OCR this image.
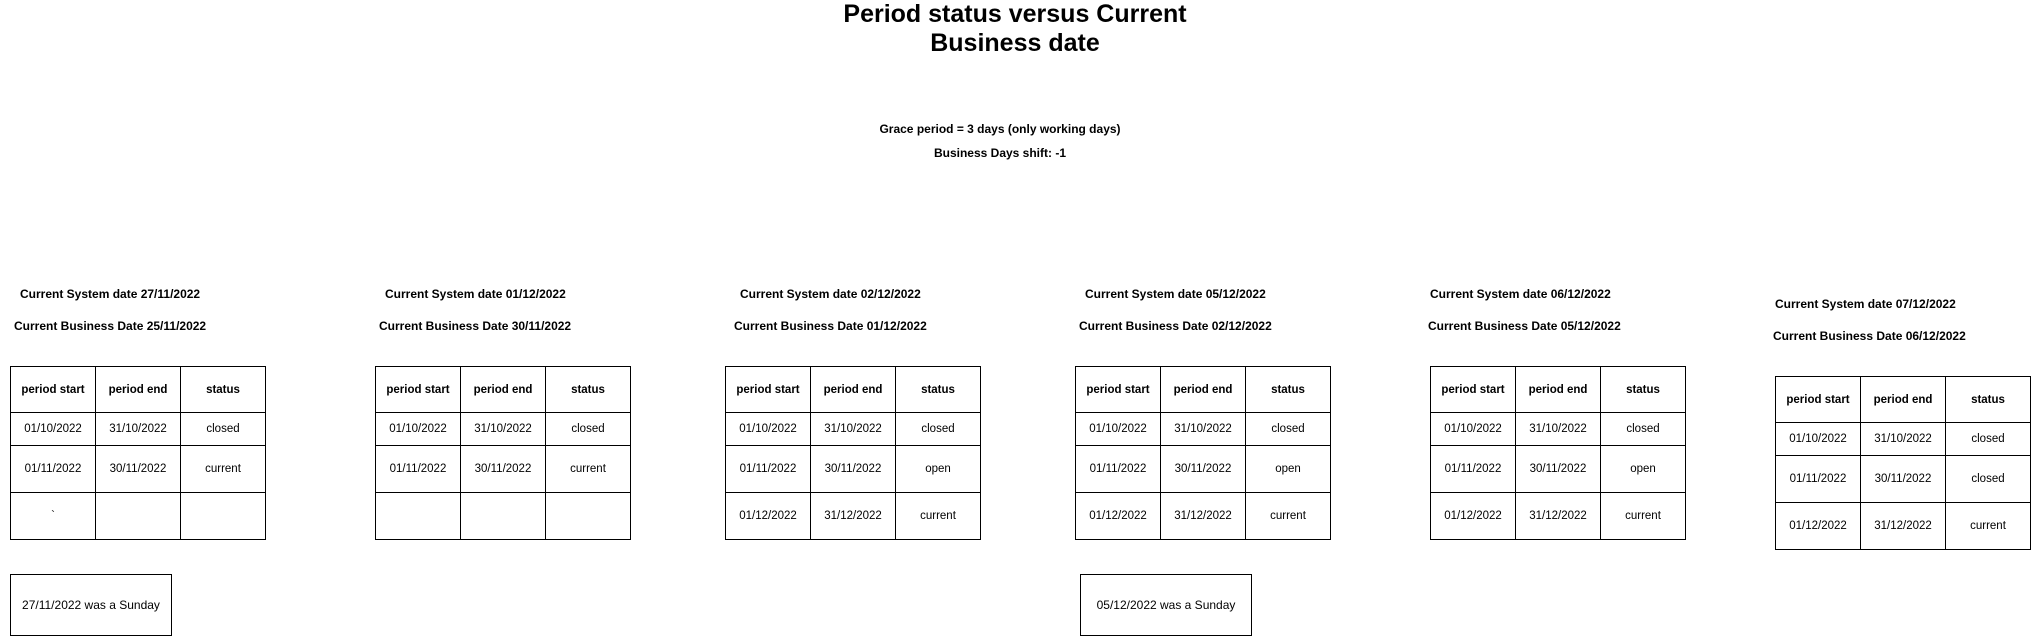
Period status versus Current
Business date
Grace period = 3 days (only working days)
Business Days shift: -1
Current System date 27/11/2022
Current Business Date 25/11/2022
period start	period end	status
01/10/2022	31/10/2022	closed
01/11/2022	30/11/2022	current
`		
Current System date 01/12/2022
Current Business Date 30/11/2022
period start	period end	status
01/10/2022	31/10/2022	closed
01/11/2022	30/11/2022	current

Current System date 02/12/2022
Current Business Date 01/12/2022
period start	period end	status
01/10/2022	31/10/2022	closed
01/11/2022	30/11/2022	open
01/12/2022	31/12/2022	current
Current System date 05/12/2022
Current Business Date 02/12/2022
period start	period end	status
01/10/2022	31/10/2022	closed
01/11/2022	30/11/2022	open
01/12/2022	31/12/2022	current
Current System date 06/12/2022
Current Business Date 05/12/2022
period start	period end	status
01/10/2022	31/10/2022	closed
01/11/2022	30/11/2022	open
01/12/2022	31/12/2022	current
Current System date 07/12/2022
Current Business Date 06/12/2022
period start	period end	status
01/10/2022	31/10/2022	closed
01/11/2022	30/11/2022	closed
01/12/2022	31/12/2022	current
27/11/2022 was a Sunday	05/12/2022 was a Sunday
